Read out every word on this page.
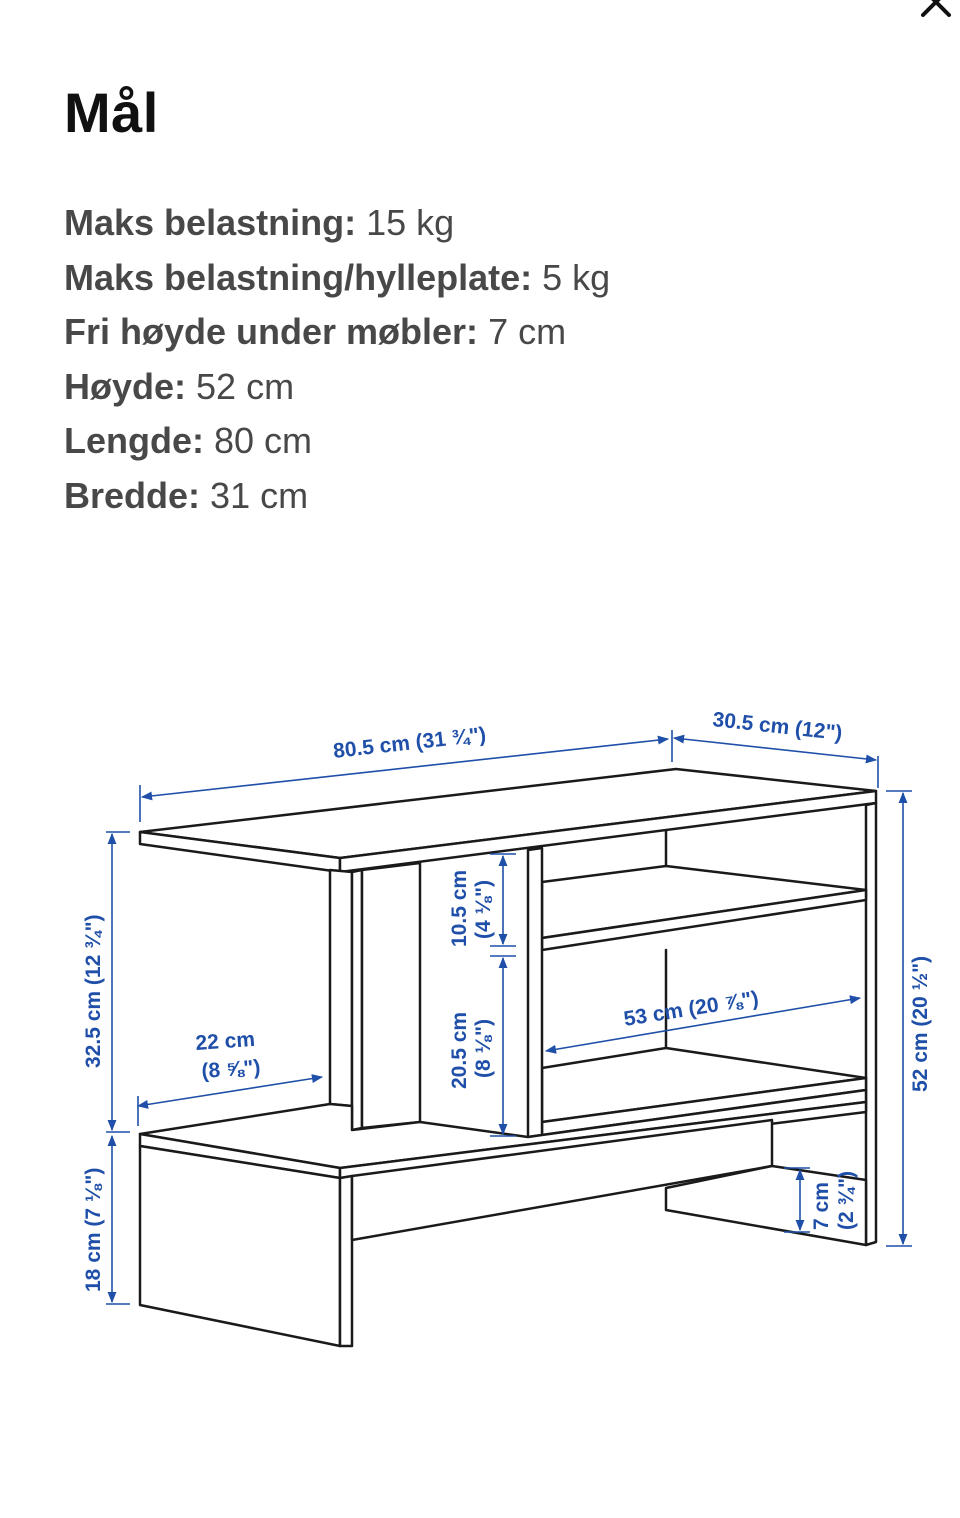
Mål
Maks belastning: 15 kg
Maks belastning/hylleplate: 5 kg
Fri høyde under møbler: 7 cm
Høyde: 52 cm
Lengde: 80 cm
Bredde: 31 cm
80.5 cm (31 ¾")	30.5 cm (12")
32.5 cm (12 ¾")
18 cm (7 ⅛")
52 cm (20 ½")
22 cm
(8 ⅝")
10.5 cm (4 ⅛")
20.5 cm (8 ⅛")
53 cm (20 ⅞")
7 cm (2 ¾")
